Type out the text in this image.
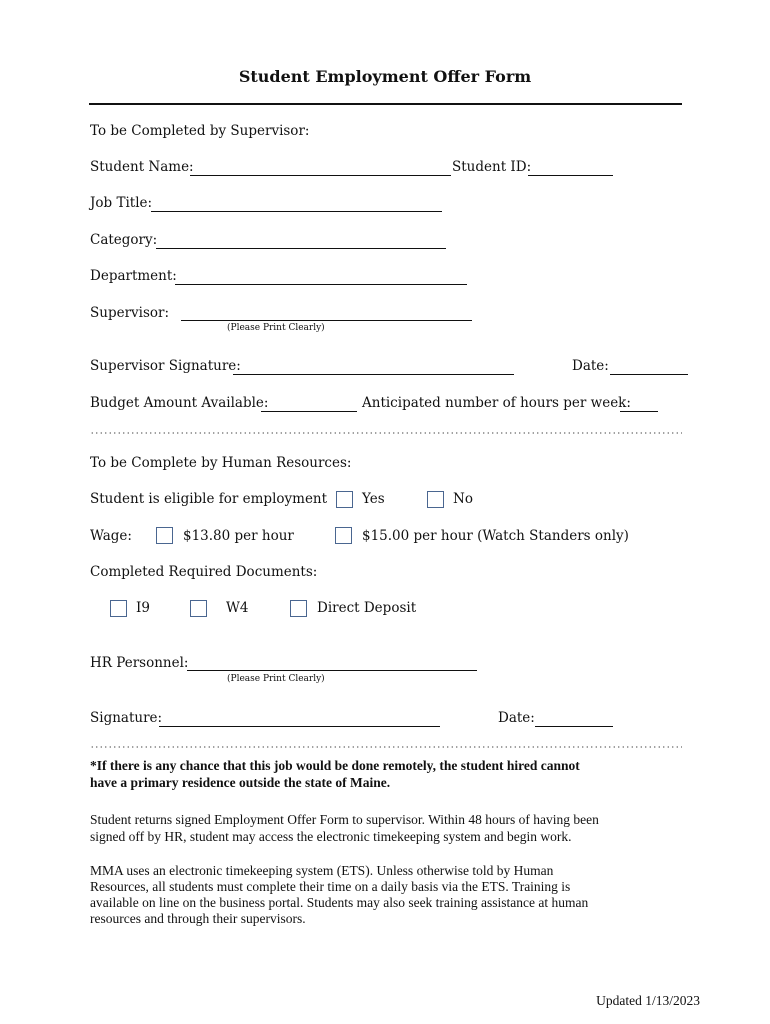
Student Employment Offer Form
To be Completed by Supervisor:
Student Name:	Student ID:
Job Title:
Category:
Department:
Supervisor:
(Please Print Clearly)
Supervisor Signature:	Date:
Budget Amount Available:	Anticipated number of hours per week:
To be Complete by Human Resources:
Student is eligible for employment	Yes	No
Wage:	$13.80 per hour	$15.00 per hour (Watch Standers only)
Completed Required Documents:
I9	W4	Direct Deposit
HR Personnel:
(Please Print Clearly)
Signature:	Date:
*If there is any chance that this job would be done remotely, the student hired cannot
have a primary residence outside the state of Maine.
Student returns signed Employment Offer Form to supervisor. Within 48 hours of having been
signed off by HR, student may access the electronic timekeeping system and begin work.
MMA uses an electronic timekeeping system (ETS). Unless otherwise told by Human
Resources, all students must complete their time on a daily basis via the ETS. Training is
available on line on the business portal. Students may also seek training assistance at human
resources and through their supervisors.
Updated 1/13/2023
